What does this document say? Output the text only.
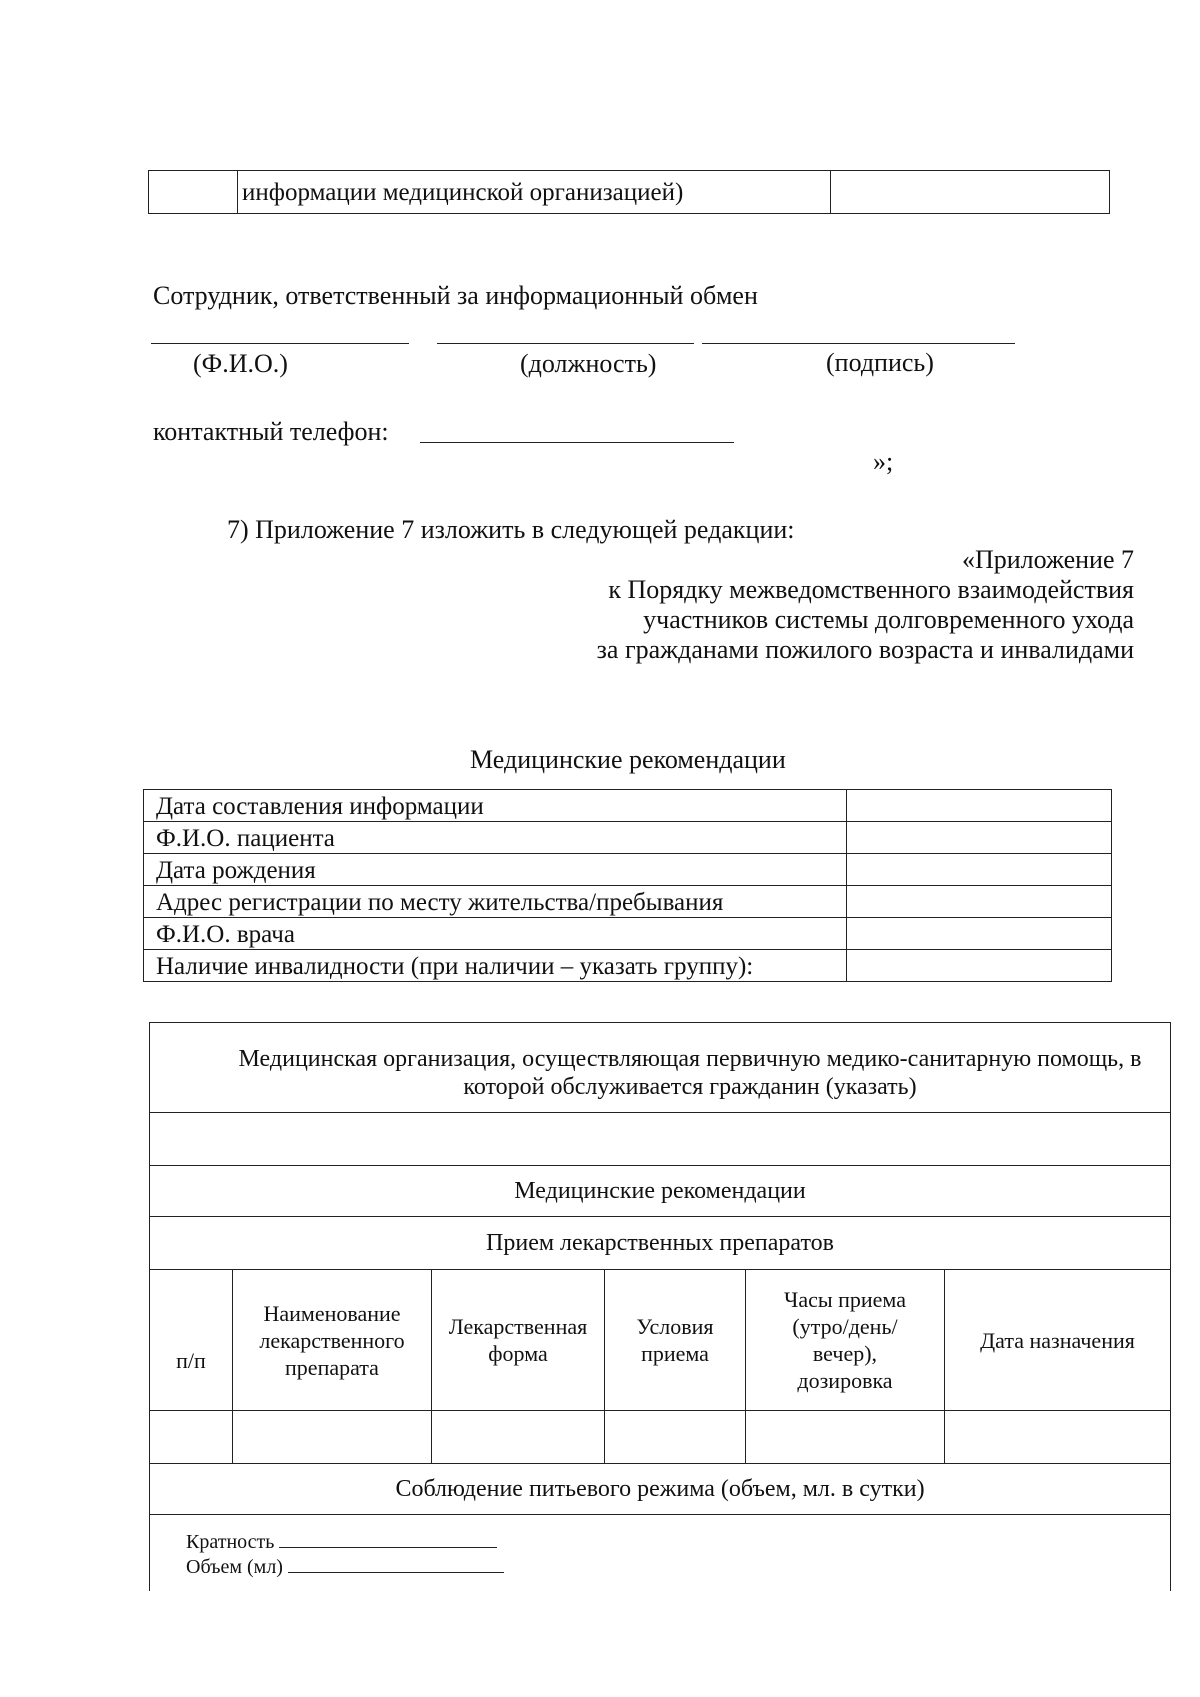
	информации медицинской организацией)	
Сотрудник, ответственный за информационный обмен
(Ф.И.О.)	(должность)	(подпись)
контактный телефон:
»;
7) Приложение 7 изложить в следующей редакции:
«Приложение 7
к Порядку межведомственного взаимодействия
участников системы долговременного ухода
за гражданами пожилого возраста и инвалидами
Медицинские рекомендации
Дата составления информации	
Ф.И.О. пациента	
Дата рождения	
Адрес регистрации по месту жительства/пребывания	
Ф.И.О. врача	
Наличие инвалидности (при наличии – указать группу):	
Медицинская организация, осуществляющая первичную медико-санитарную помощь, в которой обслуживается гражданин (указать)					

Медицинские рекомендации					
Прием лекарственных препаратов					

п/п	Наименование лекарственного препарата	Лекарственная форма	Условия приема	Часы приема (утро/день/ вечер), дозировка	Дата назначения

Соблюдение питьевого режима (объем, мл. в сутки)					

Кратность
Объем (мл)					
